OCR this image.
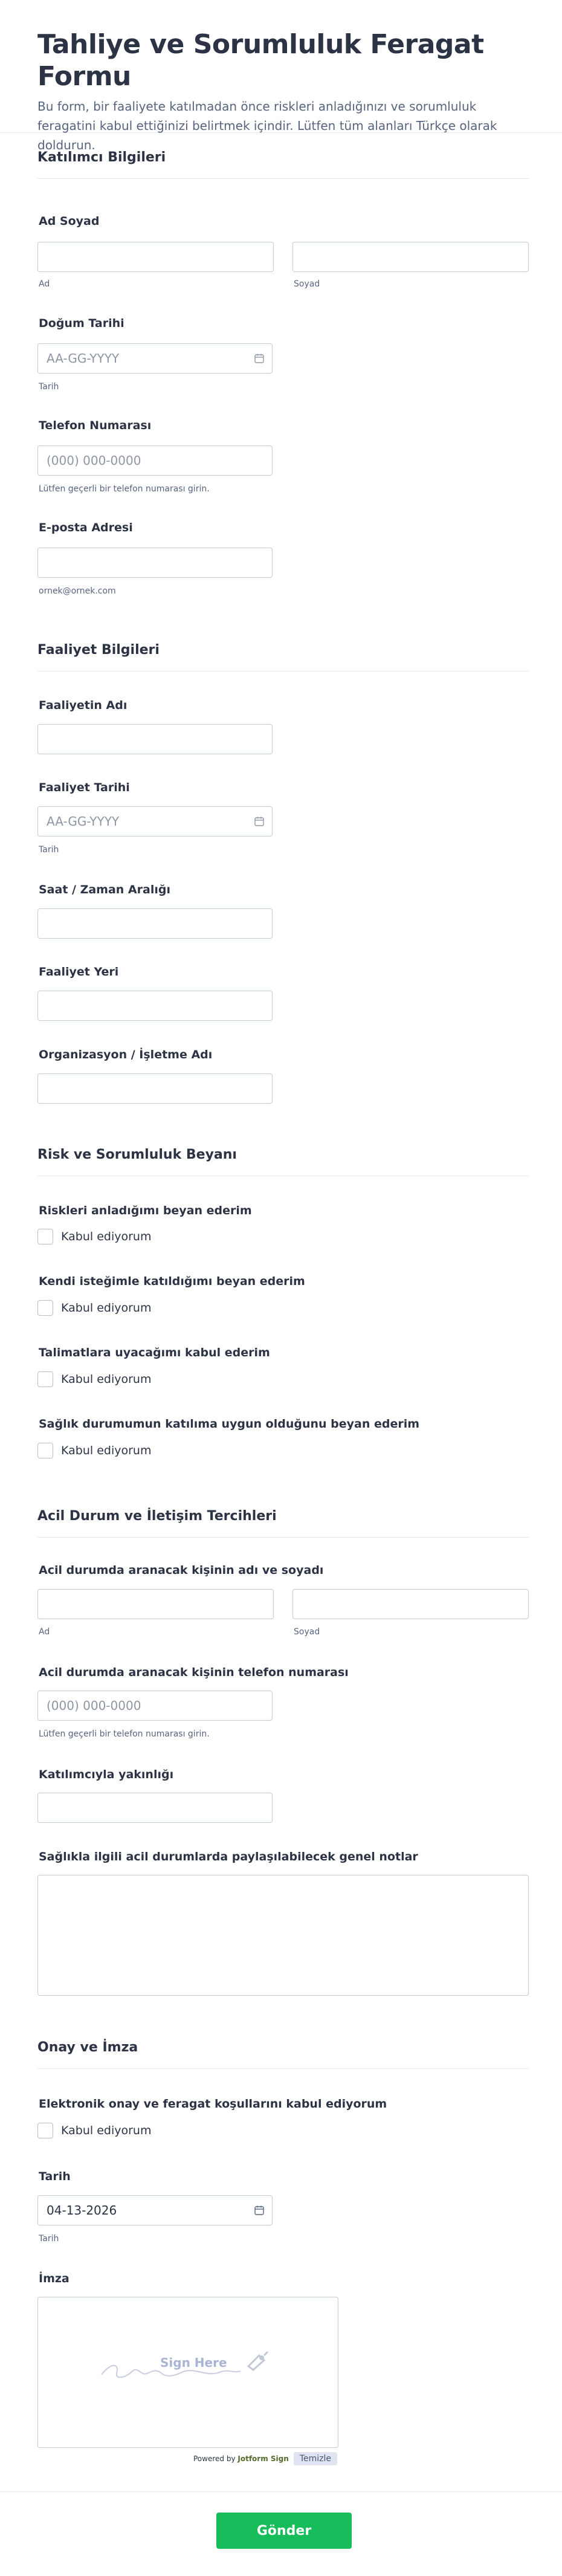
Tahliye ve Sorumluluk Feragat Formu

Bu form, bir faaliyete katılmadan önce riskleri anladığınızı ve sorumluluk feragatini kabul ettiğinizi belirtmek içindir. Lütfen tüm alanları Türkçe olarak doldurun.

Katılımcı Bilgileri
Ad Soyad
Ad	Soyad
Doğum Tarihi
AA-GG-YYYY
Tarih
Telefon Numarası
(000) 000-0000
Lütfen geçerli bir telefon numarası girin.
E-posta Adresi
ornek@ornek.com
Faaliyet Bilgileri
Faaliyetin Adı
Faaliyet Tarihi
AA-GG-YYYY
Tarih
Saat / Zaman Aralığı
Faaliyet Yeri
Organizasyon / İşletme Adı
Risk ve Sorumluluk Beyanı
Riskleri anladığımı beyan ederim
Kabul ediyorum
Kendi isteğimle katıldığımı beyan ederim
Kabul ediyorum
Talimatlara uyacağımı kabul ederim
Kabul ediyorum
Sağlık durumumun katılıma uygun olduğunu beyan ederim
Kabul ediyorum
Acil Durum ve İletişim Tercihleri
Acil durumda aranacak kişinin adı ve soyadı
Ad	Soyad
Acil durumda aranacak kişinin telefon numarası
(000) 000-0000
Lütfen geçerli bir telefon numarası girin.
Katılımcıyla yakınlığı
Sağlıkla ilgili acil durumlarda paylaşılabilecek genel notlar
Onay ve İmza
Elektronik onay ve feragat koşullarını kabul ediyorum
Kabul ediyorum
Tarih
04-13-2026
Tarih
İmza
Sign Here
Powered by Jotform Sign	Temizle
Gönder
